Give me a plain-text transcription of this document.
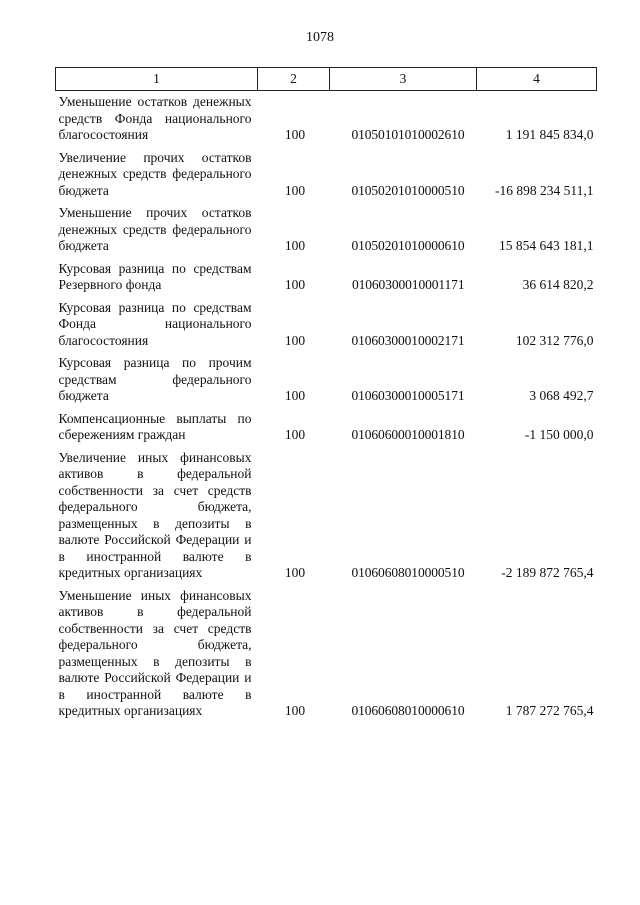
1078
1	2	3	4
Уменьшение остатков денежных средств Фонда национального благосостояния	100	01050101010002610	1 191 845 834,0
Увеличение прочих остатков денежных средств федерального бюджета	100	01050201010000510	-16 898 234 511,1
Уменьшение прочих остатков денежных средств федерального бюджета	100	01050201010000610	15 854 643 181,1
Курсовая разница по средствам Резервного фонда	100	01060300010001171	36 614 820,2
Курсовая разница по средствам Фонда национального благосостояния	100	01060300010002171	102 312 776,0
Курсовая разница по прочим средствам федерального бюджета	100	01060300010005171	3 068 492,7
Компенсационные выплаты по сбережениям граждан	100	01060600010001810	-1 150 000,0
Увеличение иных финансовых активов в федеральной собственности за счет средств федерального бюджета, размещенных в депозиты в валюте Российской Федерации и в иностранной валюте в кредитных организациях	100	01060608010000510	-2 189 872 765,4
Уменьшение иных финансовых активов в федеральной собственности за счет средств федерального бюджета, размещенных в депозиты в валюте Российской Федерации и в иностранной валюте в кредитных организациях	100	01060608010000610	1 787 272 765,4
